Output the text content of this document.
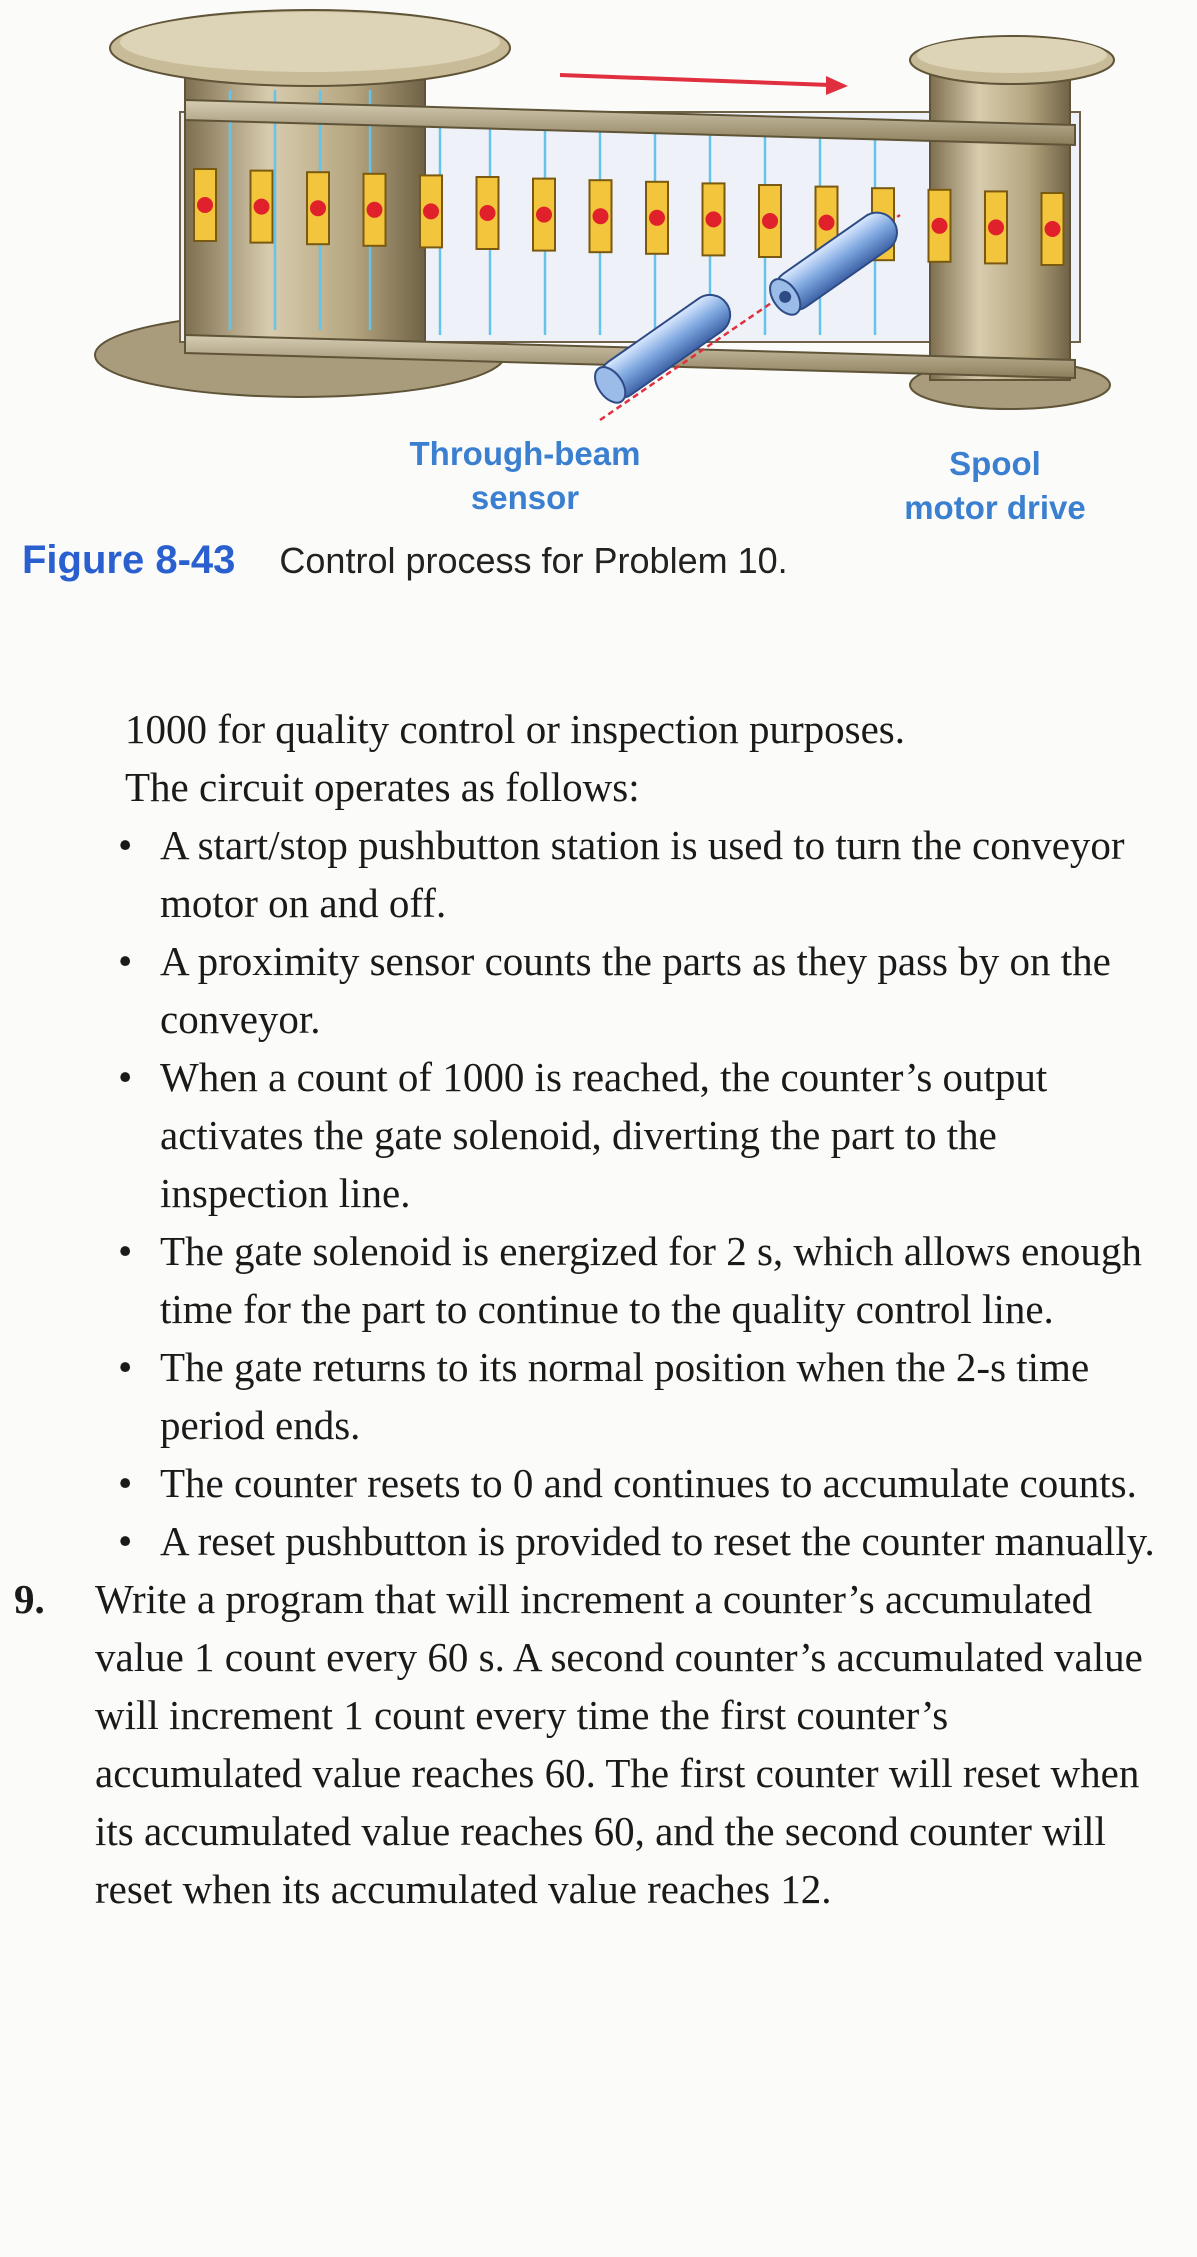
Through-beam
sensor
Spool
motor drive
Figure 8-43 Control process for Problem 10.
1000 for quality control or inspection purposes.
The circuit operates as follows:
• A start/stop pushbutton station is used to turn the conveyor motor on and off.
• A proximity sensor counts the parts as they pass by on the conveyor.
• When a count of 1000 is reached, the counter’s output activates the gate solenoid, diverting the part to the inspection line.
• The gate solenoid is energized for 2 s, which allows enough time for the part to continue to the quality control line.
• The gate returns to its normal position when the 2-s time period ends.
• The counter resets to 0 and continues to accumulate counts.
• A reset pushbutton is provided to reset the counter manually.
9. Write a program that will increment a counter’s accumulated value 1 count every 60 s. A second counter’s accumulated value will increment 1 count every time the first counter’s accumulated value reaches 60. The first counter will reset when its accumulated value reaches 60, and the second counter will reset when its accumulated value reaches 12.
